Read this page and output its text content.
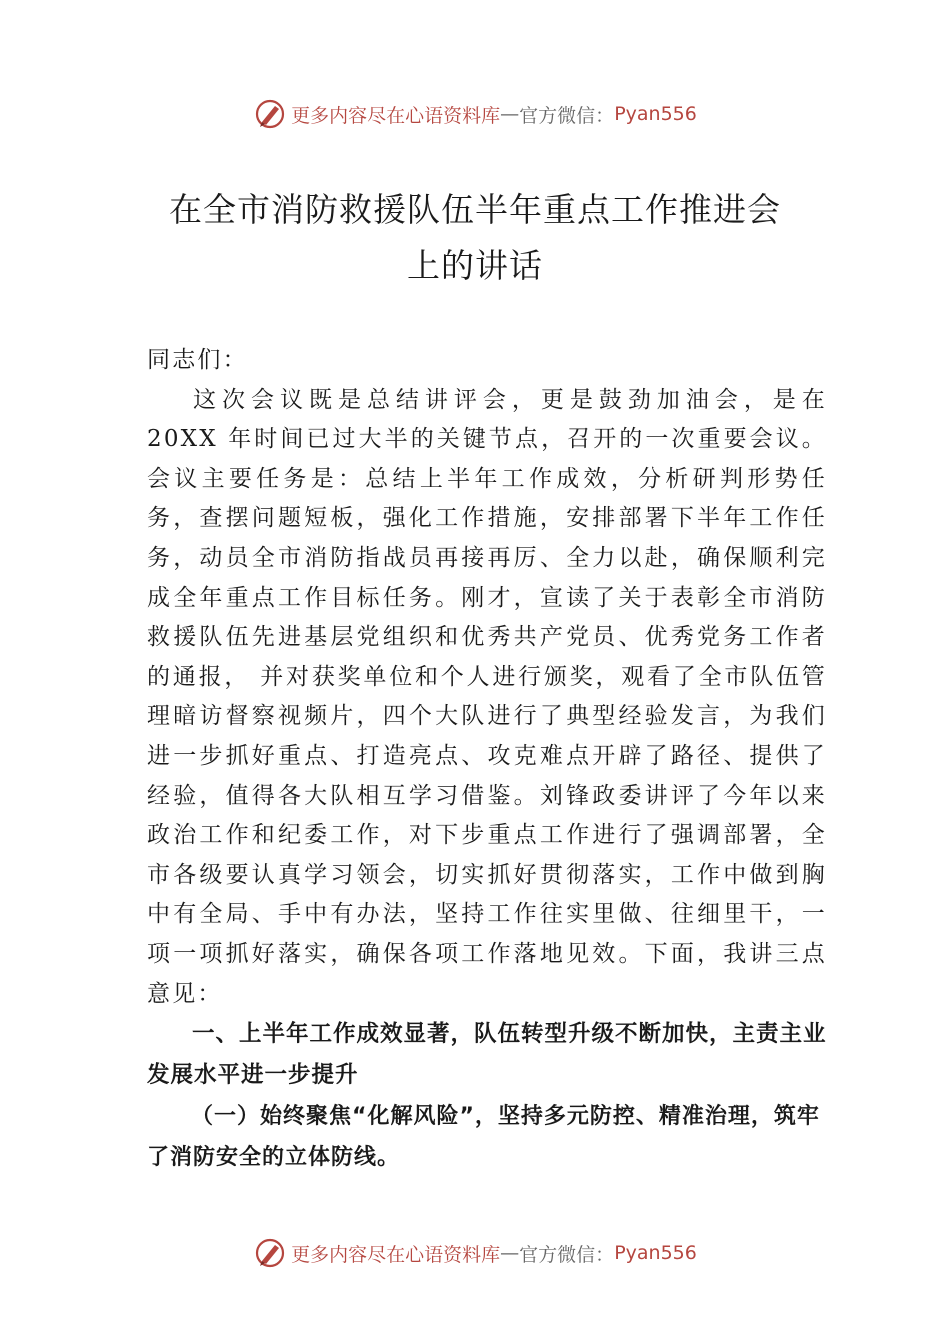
更多内容尽在心语资料库 — 官方微信： Pyan556
在全市消防救援队伍半年重点工作推进会
上的讲话

同志们：

这次会议既是总结讲评会，更是鼓劲加油会，是在 20XX 年时间已过大半的关键节点，召开的一次重要会议。会议主要任务是：总结上半年工作成效，分析研判形势任务，查摆问题短板，强化工作措施，安排部署下半年工作任务，动员全市消防指战员再接再厉、全力以赴，确保顺利完成全年重点工作目标任务。刚才，宣读了关于表彰全市消防救援队伍先进基层党组织和优秀共产党员、优秀党务工作者的通报， 并对获奖单位和个人进行颁奖，观看了全市队伍管理暗访督察视频片，四个大队进行了典型经验发言，为我们进一步抓好重点、打造亮点、攻克难点开辟了路径、提供了经验，值得各大队相互学习借鉴。刘锋政委讲评了今年以来政治工作和纪委工作，对下步重点工作进行了强调部署，全市各级要认真学习领会，切实抓好贯彻落实，工作中做到胸中有全局、手中有办法，坚持工作往实里做、往细里干，一项一项抓好落实，确保各项工作落地见效。下面，我讲三点意见：

一、上半年工作成效显著，队伍转型升级不断加快，主责主业发展水平进一步提升

（一）始终聚焦“化解风险”，坚持多元防控、精准治理，筑牢了消防安全的立体防线。

更多内容尽在心语资料库 — 官方微信： Pyan556
